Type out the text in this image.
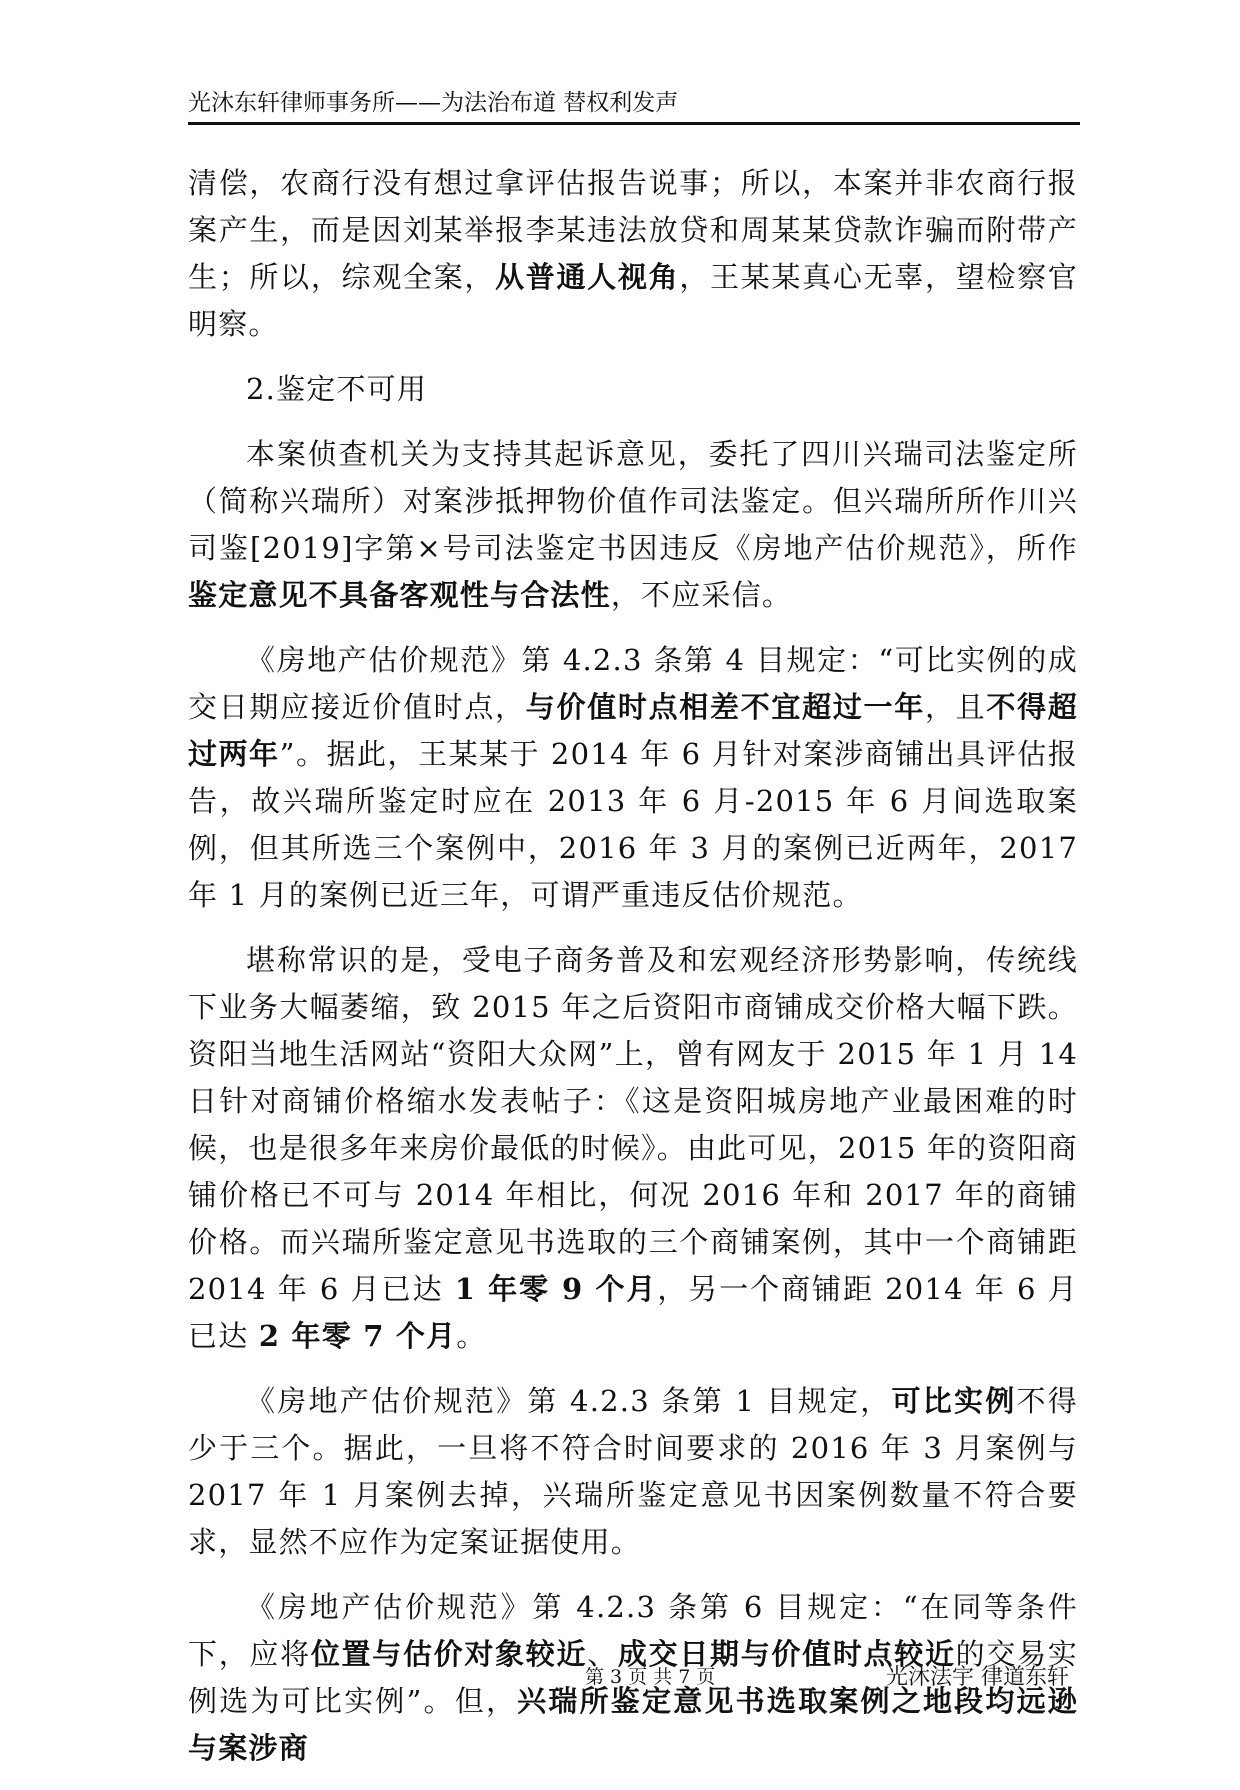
光沐东轩律师事务所——为法治布道 替权利发声

清偿，农商行没有想过拿评估报告说事；所以，本案并非农商行报案产生，而是因刘某举报李某违法放贷和周某某贷款诈骗而附带产生；所以，综观全案，从普通人视角，王某某真心无辜，望检察官明察。

2.鉴定不可用

本案侦查机关为支持其起诉意见，委托了四川兴瑞司法鉴定所（简称兴瑞所）对案涉抵押物价值作司法鉴定。但兴瑞所所作川兴司鉴[2019]字第×号司法鉴定书因违反《房地产估价规范》，所作鉴定意见不具备客观性与合法性，不应采信。

《房地产估价规范》第 4.2.3 条第 4 目规定：“可比实例的成交日期应接近价值时点，与价值时点相差不宜超过一年，且不得超过两年”。据此，王某某于 2014 年 6 月针对案涉商铺出具评估报告，故兴瑞所鉴定时应在 2013 年 6 月-2015 年 6 月间选取案例，但其所选三个案例中，2016 年 3 月的案例已近两年，2017 年 1 月的案例已近三年，可谓严重违反估价规范。

堪称常识的是，受电子商务普及和宏观经济形势影响，传统线下业务大幅萎缩，致 2015 年之后资阳市商铺成交价格大幅下跌。资阳当地生活网站“资阳大众网”上，曾有网友于 2015 年 1 月 14 日针对商铺价格缩水发表帖子：《这是资阳城房地产业最困难的时候，也是很多年来房价最低的时候》。由此可见，2015 年的资阳商铺价格已不可与 2014 年相比，何况 2016 年和 2017 年的商铺价格。而兴瑞所鉴定意见书选取的三个商铺案例，其中一个商铺距 2014 年 6 月已达 1 年零 9 个月，另一个商铺距 2014 年 6 月已达 2 年零 7 个月。

《房地产估价规范》第 4.2.3 条第 1 目规定，可比实例不得少于三个。据此，一旦将不符合时间要求的 2016 年 3 月案例与 2017 年 1 月案例去掉，兴瑞所鉴定意见书因案例数量不符合要求，显然不应作为定案证据使用。

《房地产估价规范》第 4.2.3 条第 6 目规定：“在同等条件下，应将位置与估价对象较近、成交日期与价值时点较近的交易实例选为可比实例”。但，兴瑞所鉴定意见书选取案例之地段均远逊与案涉商

第 3 页 共 7 页	光沐法宇 律道东轩
